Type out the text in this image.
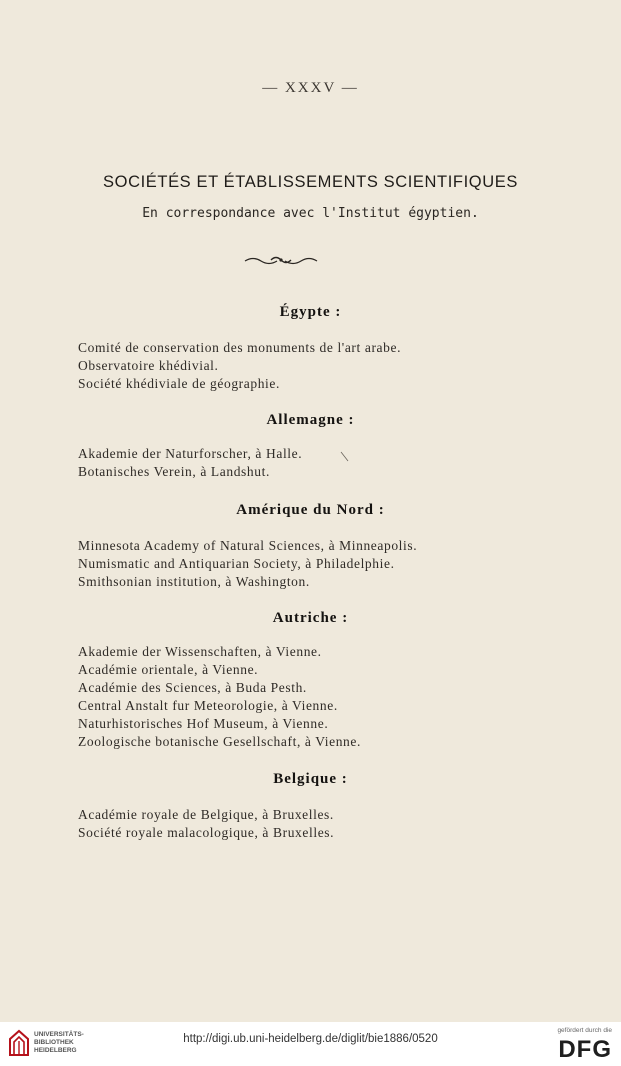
— XXXV —
SOCIÉTÉS ET ÉTABLISSEMENTS SCIENTIFIQUES
En correspondance avec l'Institut égyptien.
Égypte :
Comité de conservation des monuments de l'art arabe.
Observatoire khédivial.
Société khédiviale de géographie.
Allemagne :
Akademie der Naturforscher, à Halle.
Botanisches Verein, à Landshut.
Amérique du Nord :
Minnesota Academy of Natural Sciences, à Minneapolis.
Numismatic and Antiquarian Society, à Philadelphie.
Smithsonian institution, à Washington.
Autriche :
Akademie der Wissenschaften, à Vienne.
Académie orientale, à Vienne.
Académie des Sciences, à Buda Pesth.
Central Anstalt fur Meteorologie, à Vienne.
Naturhistorisches Hof Museum, à Vienne.
Zoologische botanische Gesellschaft, à Vienne.
Belgique :
Académie royale de Belgique, à Bruxelles.
Société royale malacologique, à Bruxelles.
UNIVERSITÄTS-
BIBLIOTHEK
HEIDELBERG
http://digi.ub.uni-heidelberg.de/diglit/bie1886/0520
gefördert durch die
DFG
